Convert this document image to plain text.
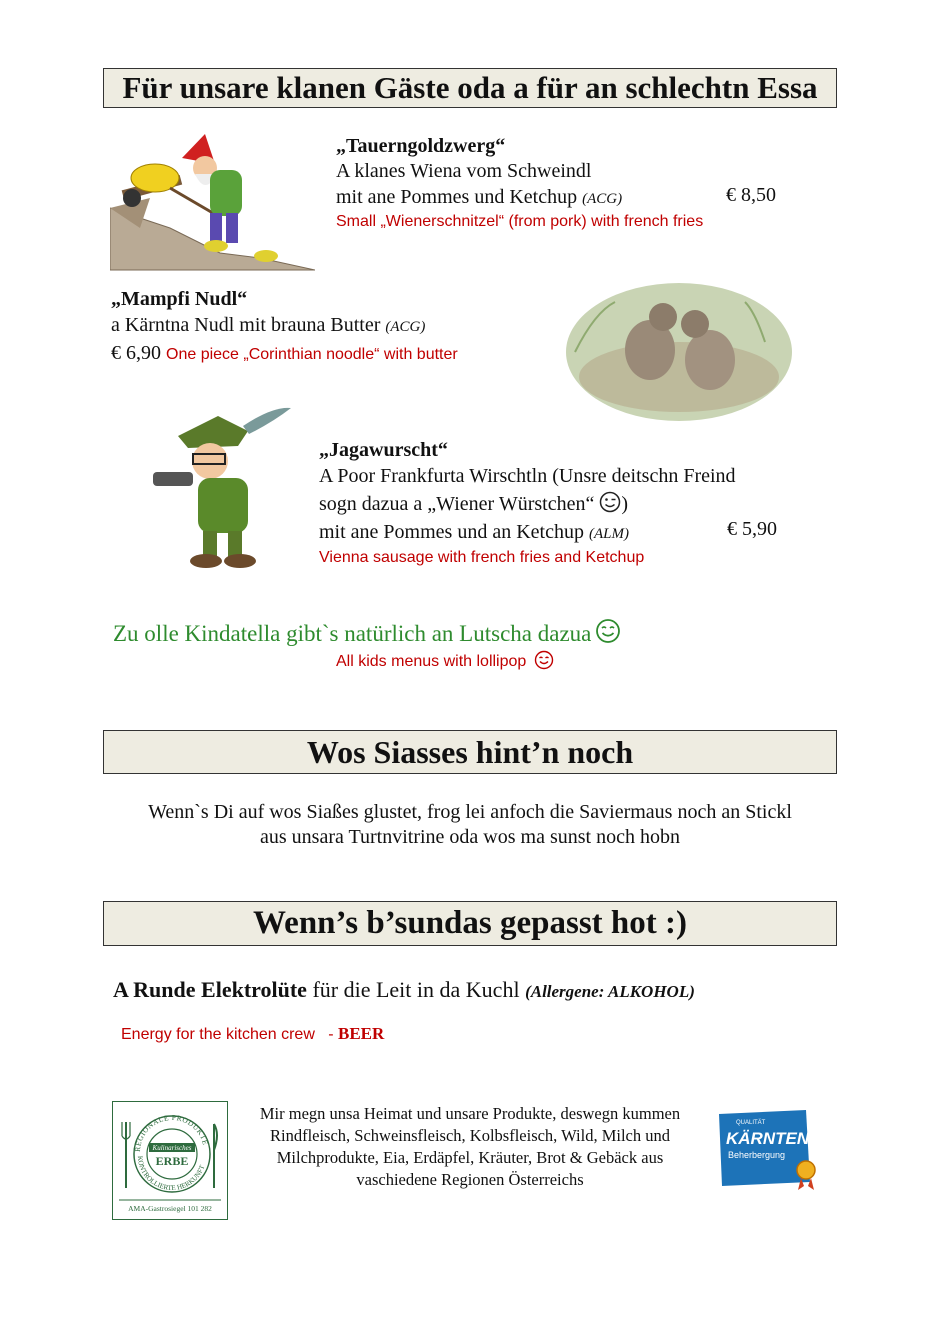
Für unsare klanen Gäste oda a für an schlechtn Essa
„Tauerngoldzwerg“
A klanes Wiena vom Schweindl
mit ane Pommes und Ketchup (ACG)
Small „Wienerschnitzel“ (from pork) with french fries
€ 8,50
„Mampfi Nudl“
a Kärntna Nudl mit brauna Butter (ACG)
€ 6,90 One piece „Corinthian noodle“ with butter
„Jagawurscht“
A Poor Frankfurta Wirschtln (Unsre deitschn Freind
sogn dazua a „Wiener Würstchen“ )
mit ane Pommes und an Ketchup (ALM)
Vienna sausage with french fries and Ketchup
€ 5,90
Zu olle Kindatella gibt`s natürlich an Lutscha dazua
All kids menus with lollipop
Wos Siasses hint’n noch
Wenn`s Di auf wos Siaßes glustet, frog lei anfoch die Saviermaus noch an Stickl
aus unsara Turtnvitrine oda wos ma sunst noch hobn
Wenn’s b’sundas gepasst hot :)
A Runde Elektrolüte für die Leit in da Kuchl (Allergene: ALKOHOL)

Energy for the kitchen crew   - BEER

REGIONALE PRODUKTE
KONTROLLIERTE HERKUNFT
Kulinarisches
ERBE
AMA-Gastrosiegel 101 282
Mir megn unsa Heimat und unsare Produkte, deswegn kummen
Rindfleisch, Schweinsfleisch, Kolbsfleisch, Wild, Milch und
Milchprodukte, Eia, Erdäpfel, Kräuter, Brot & Gebäck aus
vaschiedene Regionen Österreichs
QUALITÄT
KÄRNTEN
Beherbergung
